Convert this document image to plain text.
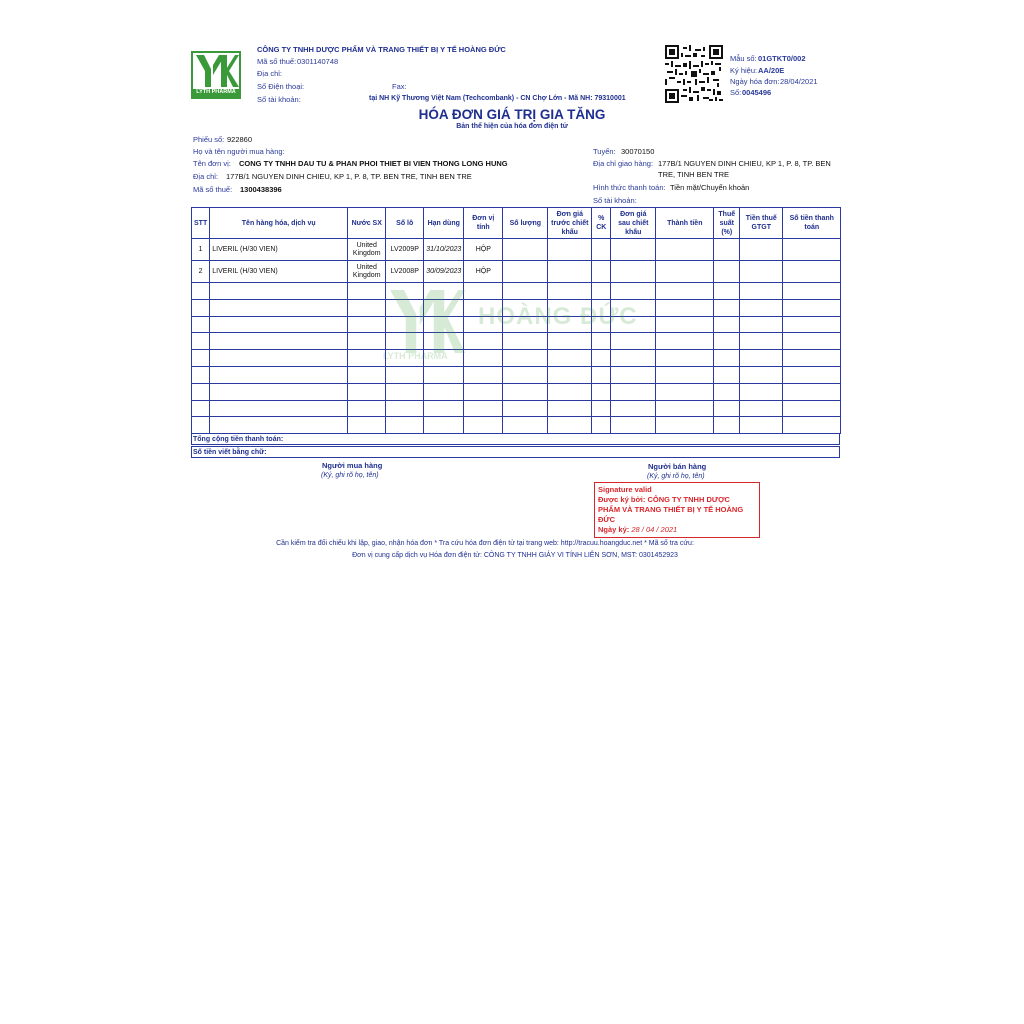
LYTH PHARMA
CÔNG TY TNHH DƯỢC PHẨM VÀ TRANG THIẾT BỊ Y TẾ HOÀNG ĐỨC
Mã số thuế: 0301140748
Địa chỉ:
Số Điện thoại:	Fax:
Số tài khoản:	tại NH Kỹ Thương Việt Nam (Techcombank) - CN Chợ Lớn - Mã NH: 79310001
Mẫu số: 01GTKT0/002
Ký hiệu: AA/20E
Ngày hóa đơn: 28/04/2021
Số: 0045496
HÓA ĐƠN GIÁ TRỊ GIA TĂNG
Bản thể hiện của hóa đơn điện tử
Phiếu số: 922860
Họ và tên người mua hàng:
Tên đơn vị: CONG TY TNHH DAU TU & PHAN PHOI THIET BI VIEN THONG LONG HUNG
Địa chỉ: 177B/1 NGUYEN DINH CHIEU, KP 1, P. 8, TP. BEN TRE, TINH BEN TRE
Mã số thuế: 1300438396
Tuyến: 30070150
Địa chỉ giao hàng: 177B/1 NGUYEN DINH CHIEU, KP 1, P. 8, TP. BEN
TRE, TINH BEN TRE
Hình thức thanh toán: Tiền mặt/Chuyển khoản
Số tài khoản:
STT	Tên hàng hóa, dịch vụ	Nước SX	Số lô	Hạn dùng	Đơn vị tính	Số lượng	Đơn giá trước chiết khấu	% CK	Đơn giá sau chiết khấu	Thành tiền	Thuế suất (%)	Tiền thuế GTGT	Số tiền thanh toán
1	LIVERIL (H/30 VIEN)	United Kingdom	LV2009P	31/10/2023	HỘP								
2	LIVERIL (H/30 VIEN)	United Kingdom	LV2008P	30/09/2023	HỘP								

LYTH PHARMA
HOÀNG ĐỨC
Tổng cộng tiền thanh toán:
Số tiền viết bằng chữ:
Người mua hàng
(Ký, ghi rõ họ, tên)
Người bán hàng
(Ký, ghi rõ họ, tên)
Signature valid
Được ký bởi: CÔNG TY TNHH DƯỢC
PHẨM VÀ TRANG THIẾT BỊ Y TẾ HOÀNG
ĐỨC
Ngày ký: 28 / 04 / 2021
Cần kiểm tra đối chiếu khi lập, giao, nhận hóa đơn * Tra cứu hóa đơn điện tử tại trang web: http://tracuu.hoangduc.net * Mã số tra cứu:
Đơn vị cung cấp dịch vụ Hóa đơn điện tử: CÔNG TY TNHH GIẢY VI TÍNH LIÊN SƠN, MST: 0301452923
